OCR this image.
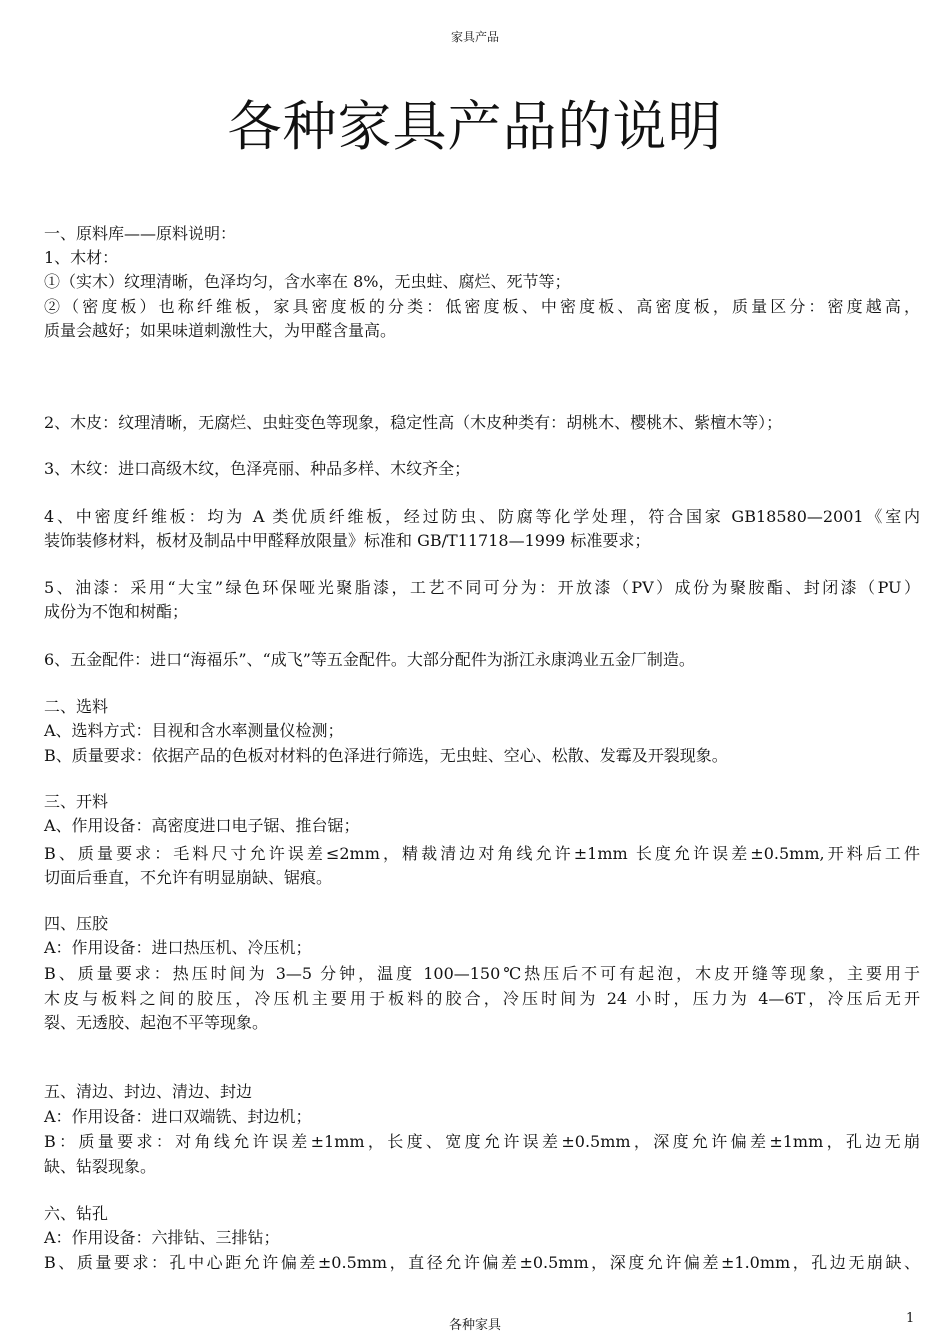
家具产品
各种家具产品的说明
一、原料库——原料说明：
1、木材：
①（实木）纹理清晰，色泽均匀，含水率在 8%，无虫蛀、腐烂、死节等；
②（密度板）也称纤维板，家具密度板的分类：低密度板、中密度板、高密度板，质量区分：密度越高，
质量会越好；如果味道刺激性大，为甲醛含量高。
2、木皮：纹理清晰，无腐烂、虫蛀变色等现象，稳定性高（木皮种类有：胡桃木、樱桃木、紫檀木等）；
3、木纹：进口高级木纹，色泽亮丽、种品多样、木纹齐全；
4、中密度纤维板：均为 A 类优质纤维板，经过防虫、防腐等化学处理，符合国家 GB18580—2001《室内
装饰装修材料，板材及制品中甲醛释放限量》标准和 GB/T11718—1999 标准要求；
5、油漆：采用“大宝”绿色环保哑光聚脂漆，工艺不同可分为：开放漆（PV）成份为聚胺酯、封闭漆（PU）
成份为不饱和树酯；
6、五金配件：进口“海福乐”、“成飞”等五金配件。大部分配件为浙江永康鸿业五金厂制造。
二、选料
A、选料方式：目视和含水率测量仪检测；
B、质量要求：依据产品的色板对材料的色泽进行筛选，无虫蛀、空心、松散、发霉及开裂现象。
三、开料
A、作用设备：高密度进口电子锯、推台锯；
B、质量要求：毛料尺寸允许误差≤2mm，精裁清边对角线允许±1mm 长度允许误差±0.5mm,开料后工件
切面后垂直，不允许有明显崩缺、锯痕。
四、压胶
A：作用设备：进口热压机、冷压机；
B、质量要求：热压时间为 3—5 分钟，温度 100—150℃热压后不可有起泡，木皮开缝等现象，主要用于
木皮与板料之间的胶压，冷压机主要用于板料的胶合，冷压时间为 24 小时，压力为 4—6T，冷压后无开
裂、无透胶、起泡不平等现象。
五、清边、封边、清边、封边
A：作用设备：进口双端铣、封边机；
B：质量要求：对角线允许误差±1mm，长度、宽度允许误差±0.5mm，深度允许偏差±1mm，孔边无崩
缺、钻裂现象。
六、钻孔
A：作用设备：六排钻、三排钻；
B、质量要求：孔中心距允许偏差±0.5mm，直径允许偏差±0.5mm，深度允许偏差±1.0mm，孔边无崩缺、
各种家具	1
